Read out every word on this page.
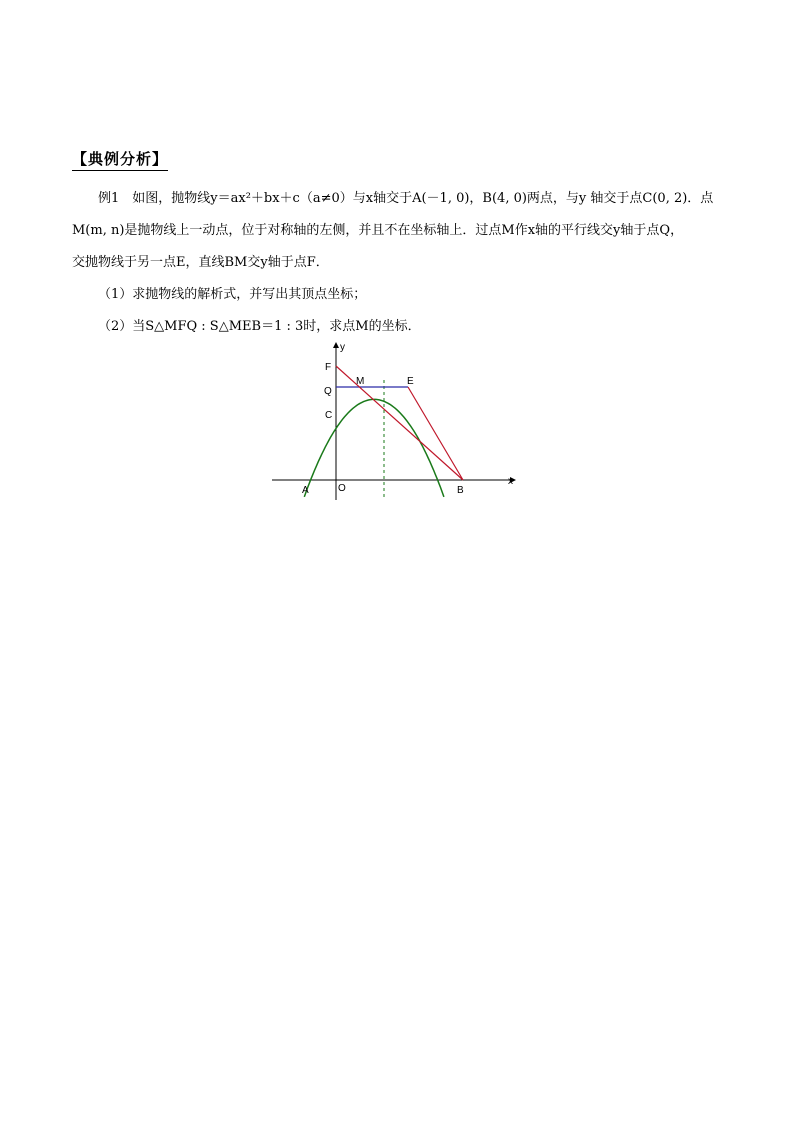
【典例分析】
例1　如图，抛物线y＝ax²＋bx＋c（a≠0）与x轴交于A(－1, 0)，B(4, 0)两点，与y 轴交于点C(0, 2)．点
M(m, n)是抛物线上一动点，位于对称轴的左侧，并且不在坐标轴上．过点M作x轴的平行线交y轴于点Q，
交抛物线于另一点E，直线BM交y轴于点F．
（1）求抛物线的解析式，并写出其顶点坐标；
（2）当S△MFQ : S△MEB＝1 : 3时，求点M的坐标．
y
x
F
M	E
Q
C
A	O	B
